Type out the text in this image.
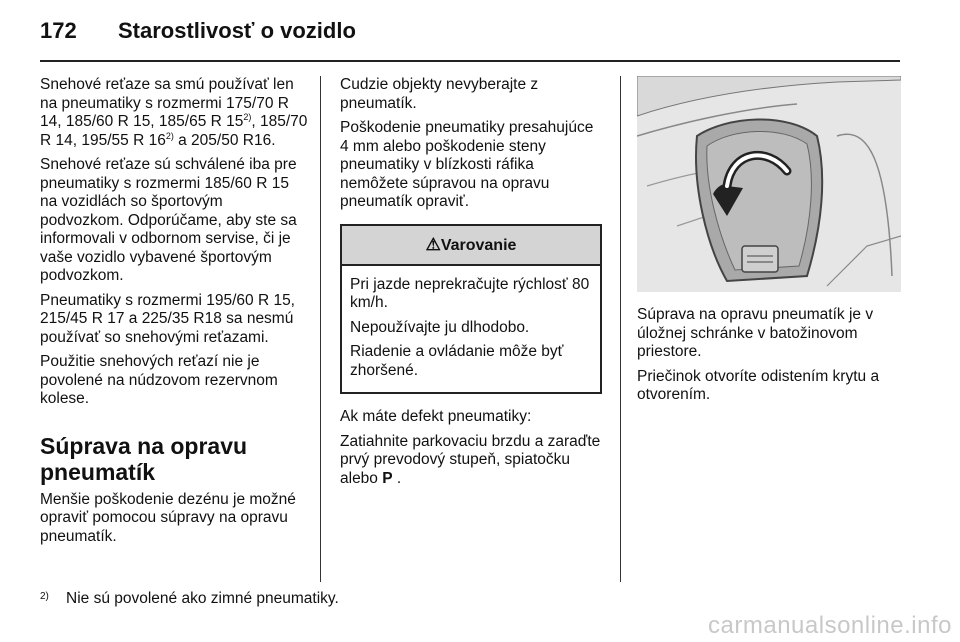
172	Starostlivosť o vozidlo

Snehové reťaze sa smú používať len na pneumatiky s rozmermi 175/70 R 14, 185/60 R 15, 185/65 R 15$^{2)}$, 185/70 R 14, 195/55 R 16$^{2)}$ a 205/50 R16.

Snehové reťaze sú schválené iba pre pneumatiky s rozmermi 185/60 R 15 na vozidlách so športovým podvozkom. Odporúčame, aby ste sa informovali v odbornom servise, či je vaše vozidlo vybavené športovým podvozkom.

Pneumatiky s rozmermi 195/60 R 15, 215/45 R 17 a 225/35 R18 sa nesmú používať so snehovými reťazami.

Použitie snehových reťazí nie je povolené na núdzovom rezervnom kolese.

Súprava na opravu pneumatík

Menšie poškodenie dezénu je možné opraviť pomocou súpravy na opravu pneumatík.

Cudzie objekty nevyberajte z pneumatík.

Poškodenie pneumatiky presahujúce 4 mm alebo poškodenie steny pneumatiky v blízkosti ráfika nemôžete súpravou na opravu pneumatík opraviť.

⚠Varovanie

Pri jazde neprekračujte rýchlosť 80 km/h.

Nepoužívajte ju dlhodobo.

Riadenie a ovládanie môže byť zhoršené.

Ak máte defekt pneumatiky:

Zatiahnite parkovaciu brzdu a zaraďte prvý prevodový stupeň, spiatočku alebo P .

Súprava na opravu pneumatík je v úložnej schránke v batožinovom priestore.

Priečinok otvoríte odistením krytu a otvorením.

2)	Nie sú povolené ako zimné pneumatiky.
carmanualsonline.info
